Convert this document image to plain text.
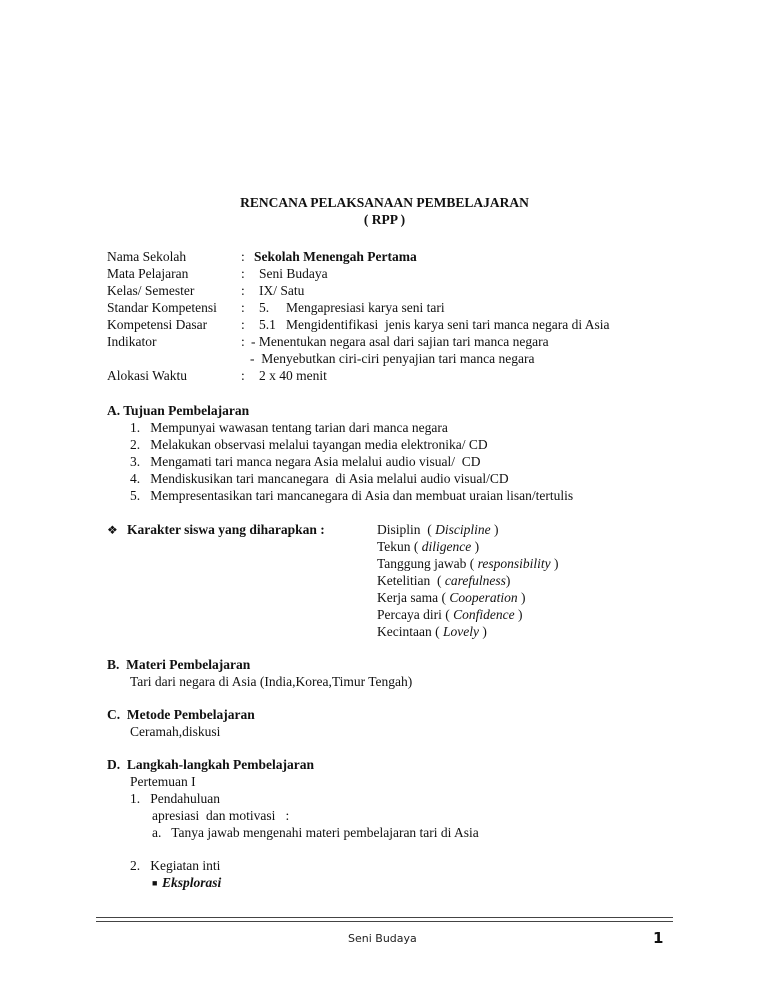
RENCANA PELAKSANAAN PEMBELAJARAN
( RPP )
Nama Sekolah	: Sekolah Menengah Pertama
Mata Pelajaran	: Seni Budaya
Kelas/ Semester	: IX/ Satu
Standar Kompetensi : 5.     Mengapresiasi karya seni tari
Kompetensi Dasar	: 5.1   Mengidentifikasi  jenis karya seni tari manca negara di Asia
Indikator	: - Menentukan negara asal dari sajian tari manca negara
-  Menyebutkan ciri-ciri penyajian tari manca negara
Alokasi Waktu	: 2 x 40 menit
A. Tujuan Pembelajaran
1.   Mempunyai wawasan tentang tarian dari manca negara
2.   Melakukan observasi melalui tayangan media elektronika/ CD
3.   Mengamati tari manca negara Asia melalui audio visual/  CD
4.   Mendiskusikan tari mancanegara  di Asia melalui audio visual/CD
5.   Mempresentasikan tari mancanegara di Asia dan membuat uraian lisan/tertulis
❖ Karakter siswa yang diharapkan :	Disiplin  ( Discipline )
Tekun ( diligence )
Tanggung jawab ( responsibility )
Ketelitian  ( carefulness)
Kerja sama ( Cooperation )
Percaya diri ( Confidence )
Kecintaan ( Lovely )
B.  Materi Pembelajaran
Tari dari negara di Asia (India,Korea,Timur Tengah)
C.  Metode Pembelajaran
Ceramah,diskusi
D.  Langkah-langkah Pembelajaran
Pertemuan I
1.   Pendahuluan
apresiasi  dan motivasi   :
a.   Tanya jawab mengenahi materi pembelajaran tari di Asia
2.   Kegiatan inti
■ Eksplorasi
Seni Budaya	1
